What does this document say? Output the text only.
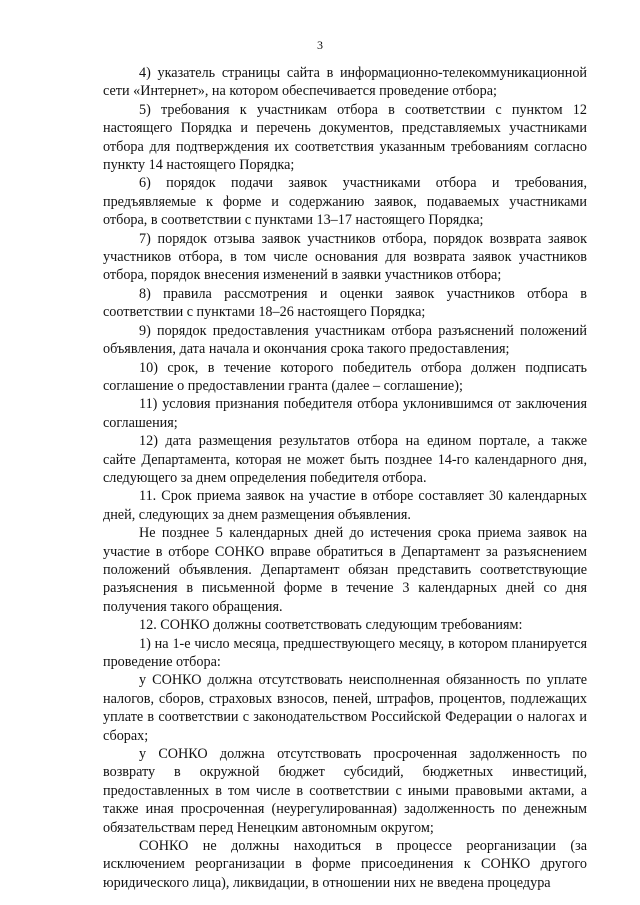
3

4) указатель страницы сайта в информационно-телекоммуникационной сети «Интернет», на котором обеспечивается проведение отбора;

5) требования к участникам отбора в соответствии с пунктом 12 настоящего Порядка и перечень документов, представляемых участниками отбора для подтверждения их соответствия указанным требованиям согласно пункту 14 настоящего Порядка;

6) порядок подачи заявок участниками отбора и требования, предъявляемые к форме и содержанию заявок, подаваемых участниками отбора, в соответствии с пунктами 13–17 настоящего Порядка;

7) порядок отзыва заявок участников отбора, порядок возврата заявок участников отбора, в том числе основания для возврата заявок участников отбора, порядок внесения изменений в заявки участников отбора;

8) правила рассмотрения и оценки заявок участников отбора в соответствии с пунктами 18–26 настоящего Порядка;

9) порядок предоставления участникам отбора разъяснений положений объявления, дата начала и окончания срока такого предоставления;

10) срок, в течение которого победитель отбора должен подписать соглашение о предоставлении гранта (далее – соглашение);

11) условия признания победителя отбора уклонившимся от заключения соглашения;

12) дата размещения результатов отбора на едином портале, а также сайте Департамента, которая не может быть позднее 14-го календарного дня, следующего за днем определения победителя отбора.

11. Срок приема заявок на участие в отборе составляет 30 календарных дней, следующих за днем размещения объявления.

Не позднее 5 календарных дней до истечения срока приема заявок на участие в отборе СОНКО вправе обратиться в Департамент за разъяснением положений объявления. Департамент обязан представить соответствующие разъяснения в письменной форме в течение 3 календарных дней со дня получения такого обращения.

12. СОНКО должны соответствовать следующим требованиям:

1) на 1-е число месяца, предшествующего месяцу, в котором планируется проведение отбора:

у СОНКО должна отсутствовать неисполненная обязанность по уплате налогов, сборов, страховых взносов, пеней, штрафов, процентов, подлежащих уплате в соответствии с законодательством Российской Федерации о налогах и сборах;

у СОНКО должна отсутствовать просроченная задолженность по возврату в окружной бюджет субсидий, бюджетных инвестиций, предоставленных в том числе в соответствии с иными правовыми актами, а также иная просроченная (неурегулированная) задолженность по денежным обязательствам перед Ненецким автономным округом;

СОНКО не должны находиться в процессе реорганизации (за исключением реорганизации в форме присоединения к СОНКО другого юридического лица), ликвидации, в отношении них не введена процедура
